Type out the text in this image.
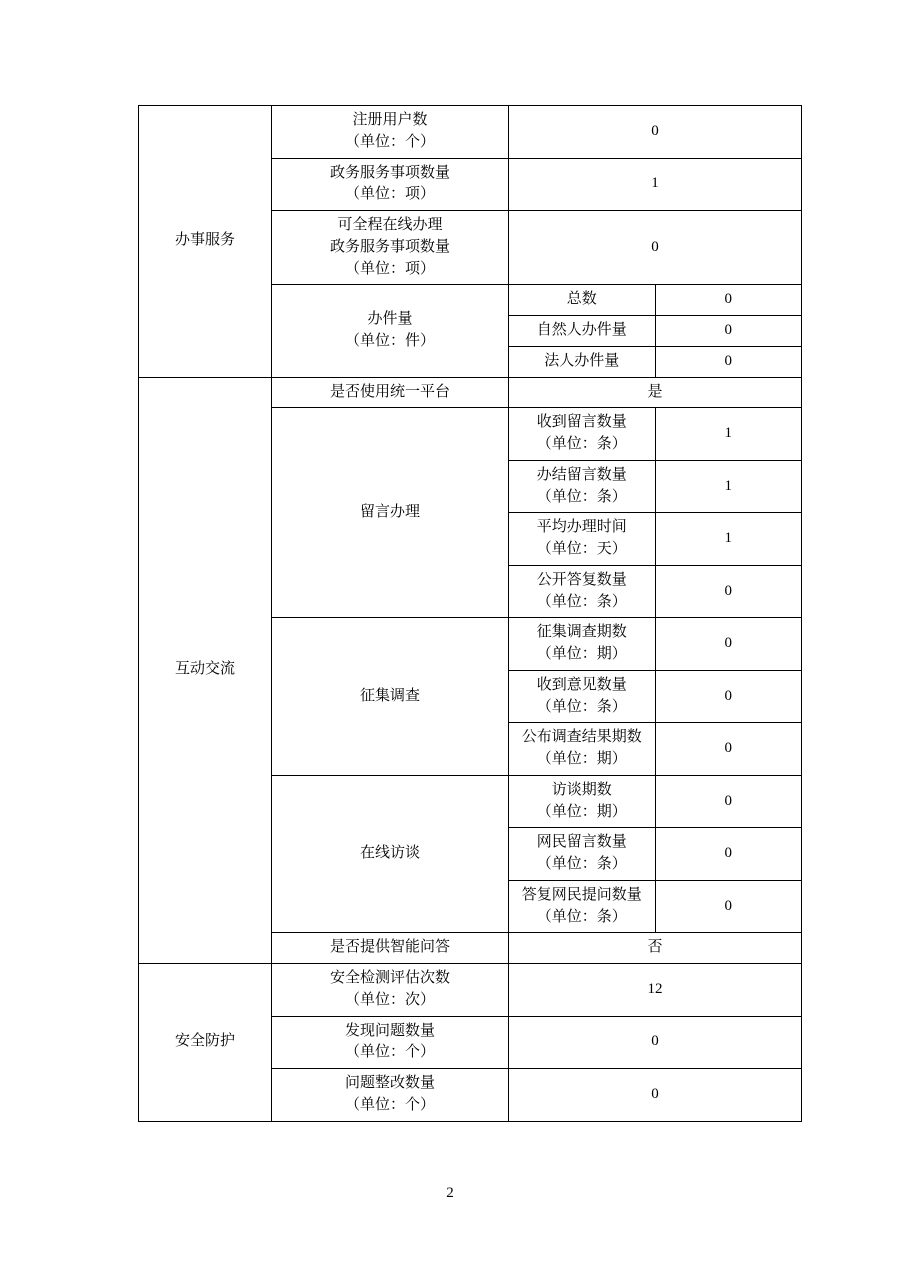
办事服务	注册用户数
（单位：个）	0	

	政务服务事项数量
（单位：项）	1	

	可全程在线办理
政务服务事项数量
（单位：项）	0	

	办件量
（单位：件）	总数	0
		自然人办件量	0
		法人办件量	0
互动交流	是否使用统一平台	是	
	留言办理	收到留言数量
（单位：条）	1

		办结留言数量
（单位：条）	1

		平均办理时间
（单位：天）	1

		公开答复数量
（单位：条）	0
	征集调查	征集调查期数
（单位：期）	0

		收到意见数量
（单位：条）	0

		公布调查结果期数
（单位：期）	0
	在线访谈	访谈期数
（单位：期）	0

		网民留言数量
（单位：条）	0

		答复网民提问数量
（单位：条）	0
	是否提供智能问答	否	
安全防护	安全检测评估次数
（单位：次）	12	

	发现问题数量
（单位：个）	0	

	问题整改数量
（单位：个）	0	
2
